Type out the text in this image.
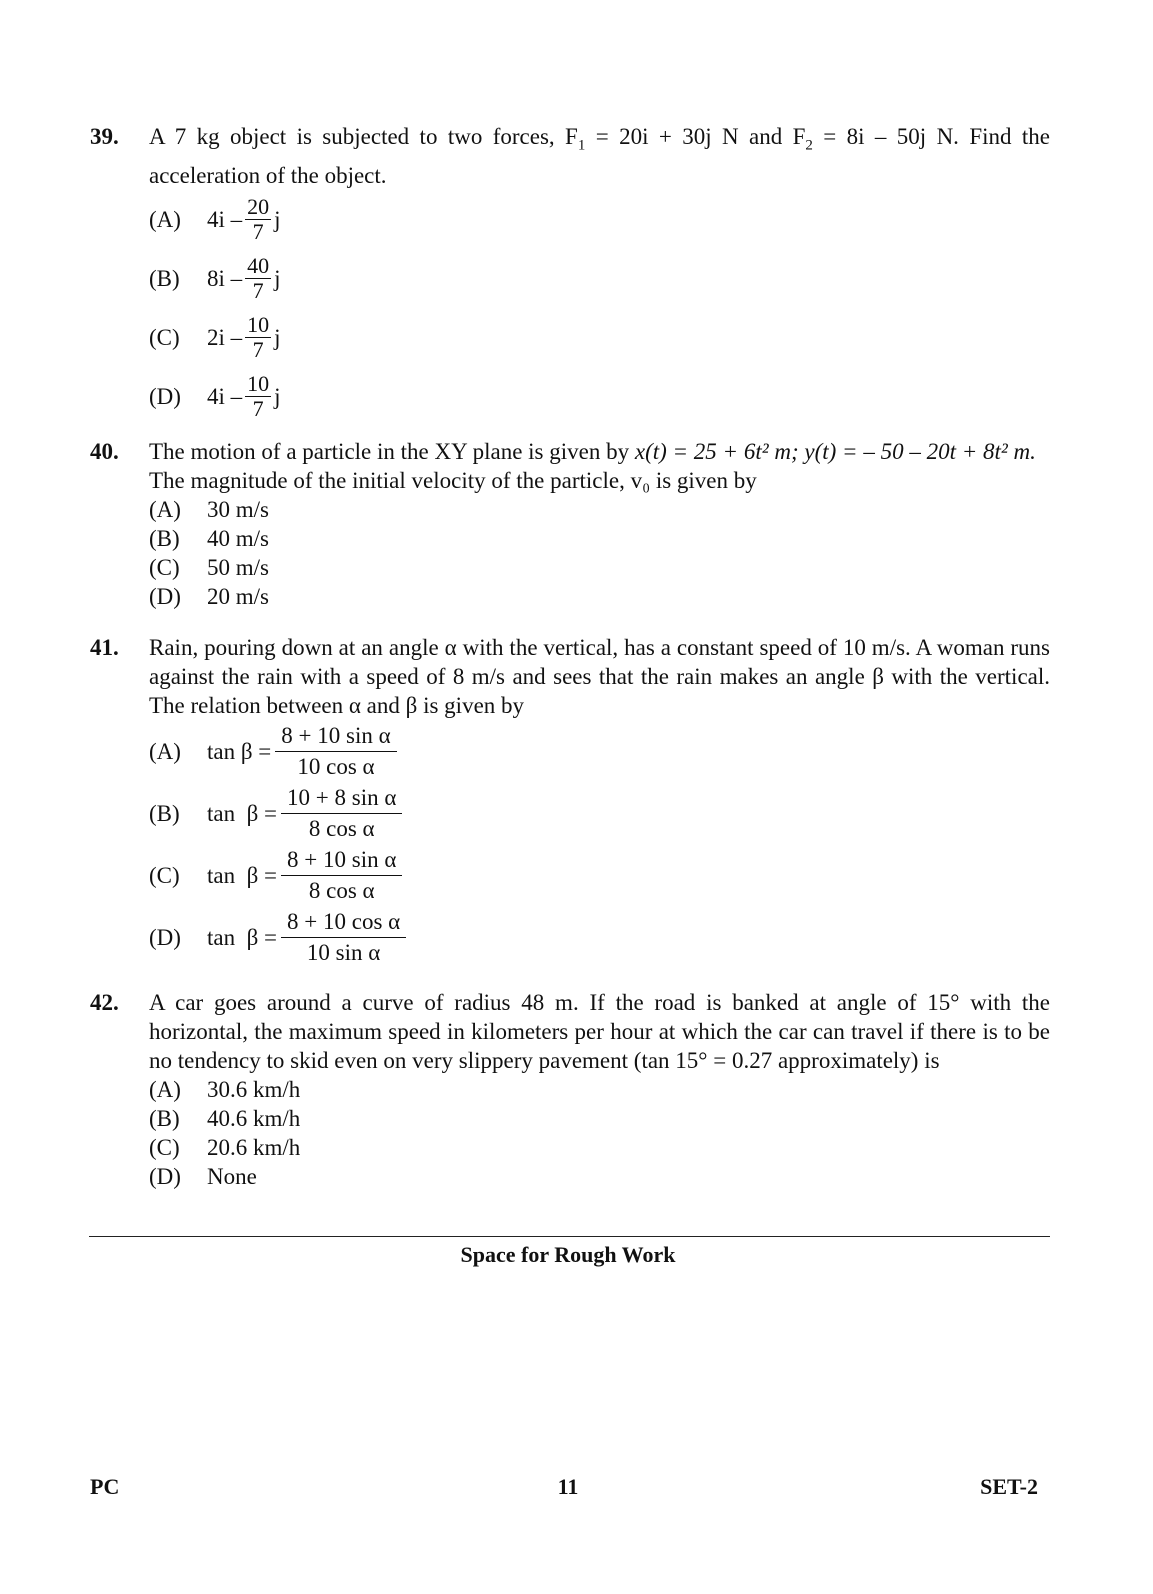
39. A 7 kg object is subjected to two forces, $F_1 = 20i + 30j$ N and $F_2 = 8i - 50j$ N. Find the acceleration of the object.
(A)	$4i - \frac{20}{7}$ j
(B)	$8i - \frac{40}{7}$ j
(C)	$2i - \frac{10}{7}$ j
(D)	$4i - \frac{10}{7}$ j
40. The motion of a particle in the XY plane is given by x(t) = 25 + 6t² m; y(t) = – 50 – 20t + 8t² m.
The magnitude of the initial velocity of the particle, v₀ is given by
(A)	30 m/s
(B)	40 m/s
(C)	50 m/s
(D)	20 m/s
41. Rain, pouring down at an angle α with the vertical, has a constant speed of 10 m/s. A woman runs against the rain with a speed of 8 m/s and sees that the rain makes an angle β with the vertical. The relation between α and β is given by
(A)	$\tan \beta = \frac{\text{8 + 10 sin α}}{\text{10 cos α}}$
(B)	$\tan \beta = \frac{\text{10 + 8 sin α}}{\text{8 cos α}}$
(C)	$\tan \beta = \frac{\text{8 + 10 sin α}}{\text{8 cos α}}$
(D)	$\tan \beta = \frac{\text{8 + 10 cos α}}{\text{10 sin α}}$
42. A car goes around a curve of radius 48 m. If the road is banked at angle of 15° with the horizontal, the maximum speed in kilometers per hour at which the car can travel if there is to be no tendency to skid even on very slippery pavement (tan 15° = 0.27 approximately) is
(A)	30.6 km/h
(B)	40.6 km/h
(C)	20.6 km/h
(D)	None
Space for Rough Work
PC	11	SET-2
